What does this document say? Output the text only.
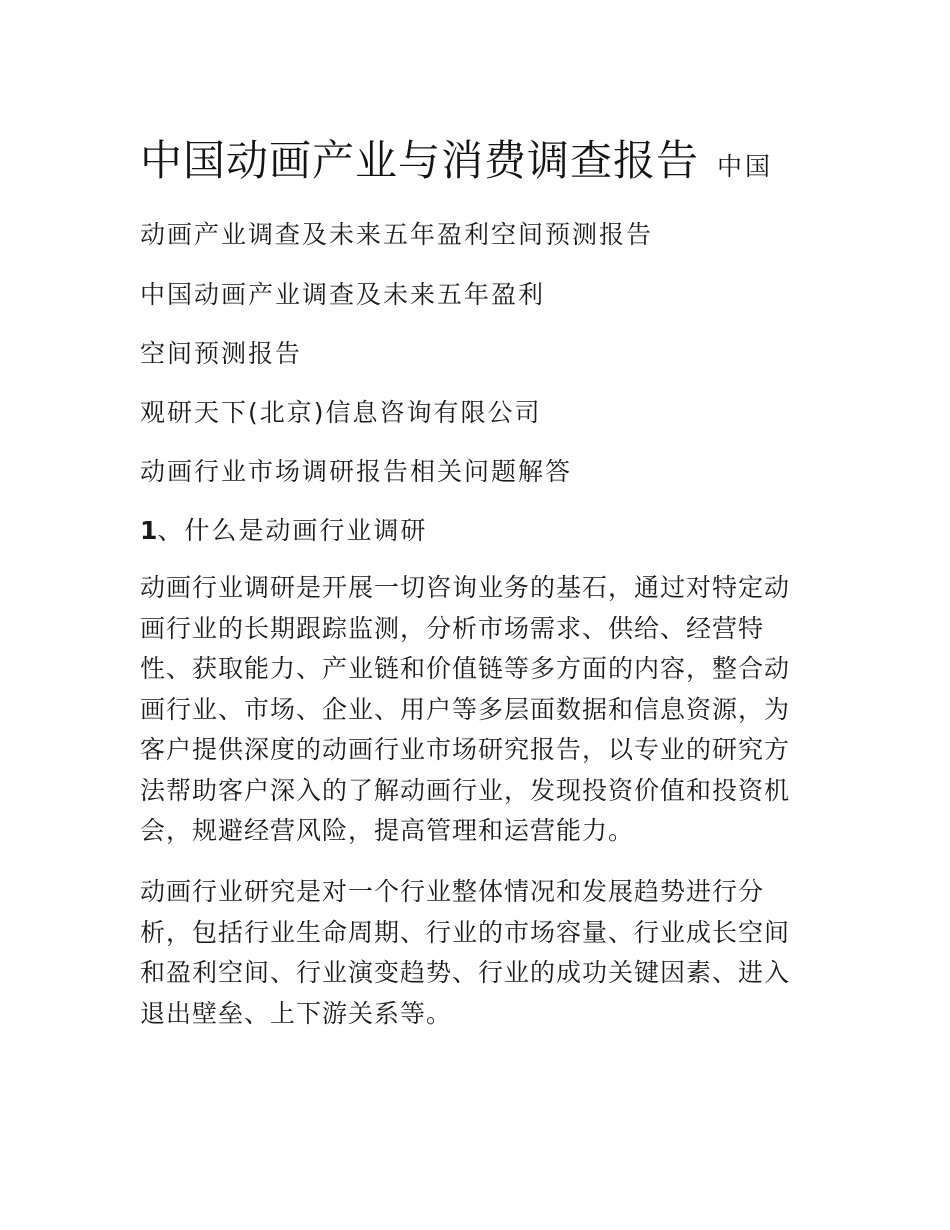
中国动画产业与消费调查报告 中国
动画产业调查及未来五年盈利空间预测报告
中国动画产业调查及未来五年盈利
空间预测报告
观研天下(北京)信息咨询有限公司
动画行业市场调研报告相关问题解答
1、什么是动画行业调研
动画行业调研是开展一切咨询业务的基石，通过对特定动画行业的长期跟踪监测，分析市场需求、供给、经营特性、获取能力、产业链和价值链等多方面的内容，整合动画行业、市场、企业、用户等多层面数据和信息资源，为客户提供深度的动画行业市场研究报告，以专业的研究方法帮助客户深入的了解动画行业，发现投资价值和投资机会，规避经营风险，提高管理和运营能力。
动画行业研究是对一个行业整体情况和发展趋势进行分析，包括行业生命周期、行业的市场容量、行业成长空间和盈利空间、行业演变趋势、行业的成功关键因素、进入退出壁垒、上下游关系等。
